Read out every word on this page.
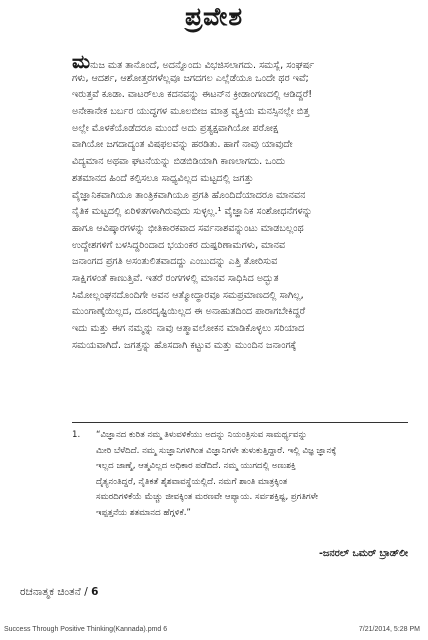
ಪ್ರವೇಶ
ಮನುಜ ಮತ ತಾನೊಂದೆ, ಅದನ್ನೊಂದು ವಿಭಜಿಸಲಾಗದು. ಸಮಸ್ಯೆ, ಸಂಘರ್ಷ
ಗಳು, ಆದರ್ಶ, ಆಶೋತ್ತರಗಳೆಲ್ಲವೂ ಜಗದಗಲ ಎಲ್ಲೆಡೆಯೂ ಒಂದೇ ಥರ ಇವೆ;
ಇರುತ್ತವೆ ಕೂಡಾ. ವಾಟರ್‌ಲೂ ಕದನವನ್ನು ಈಟನ್‌ನ ಕ್ರೀಡಾಂಗಣದಲ್ಲಿ ಆಡಿದ್ದರೆ!
ಅನೇಕಾನೇಕ ಬರ್ಬರ ಯುದ್ಧಗಳ ಮೂಲಬೀಜ ಮಾತ್ರ ವ್ಯಕ್ತಿಯ ಮನಸ್ಸಿನಲ್ಲೇ ಬಿತ್ತ
ಅಲ್ಲೇ ಮೊಳಕೆಯೊಡೆದರೂ ಮುಂದೆ ಅದು ಪ್ರತ್ಯಕ್ಷವಾಗಿಯೋ ಪರೋಕ್ಷ
ವಾಗಿಯೋ ಜಗದಾದ್ಯಂತ ವಿಷಫಲವನ್ನು ಹರಡಿತು. ಹಾಗೆ ನಾವು ಯಾವುದೇ
ವಿದ್ಯಮಾನ ಅಥವಾ ಘಟನೆಯನ್ನು ಬಿಡಬಿಡಿಯಾಗಿ ಕಾಣಲಾಗದು. ಒಂದು
ಶತಮಾನದ ಹಿಂದೆ ಕಲ್ಪಿಸಲೂ ಸಾಧ್ಯವಿಲ್ಲದ ಮಟ್ಟದಲ್ಲಿ ಜಗತ್ತು
ವೈಜ್ಞಾನಿಕವಾಗಿಯೂ ತಾಂತ್ರಿಕವಾಗಿಯೂ ಪ್ರಗತಿ ಹೊಂದಿದೆಯಾದರೂ ಮಾನವನ
ನೈತಿಕ ಮಟ್ಟದಲ್ಲಿ ಏರಿಳಿತಗಳಾಗಿರುವುದು ಸುಳ್ಳಲ್ಲ.¹ ವೈಜ್ಞಾನಿಕ ಸಂಶೋಧನೆಗಳನ್ನು
ಹಾಗೂ ಆವಿಷ್ಕಾರಗಳನ್ನು ಭೀತಿಕಾರಕವಾದ ಸರ್ವನಾಶವನ್ನುಂಟು ಮಾಡಬಲ್ಲಂಥ
ಉದ್ದೇಶಗಳಿಗೆ ಬಳಸಿದ್ದರಿಂದಾದ ಭಯಂಕರ ದುಷ್ಪರಿಣಾಮಗಳು, ಮಾನವ
ಜನಾಂಗದ ಪ್ರಗತಿ ಅಸಂತುಲಿತವಾದದ್ದು ಎಂಬುದನ್ನು ಎತ್ತಿ ತೋರಿಸುವ
ಸಾಕ್ಷಿಗಳಂತೆ ಕಾಣುತ್ತಿವೆ. ಇತರೆ ರಂಗಗಳಲ್ಲಿ ಮಾನವ ಸಾಧಿಸಿದ ಅದ್ಭುತ
ಸಿಮೋಲ್ಲಂಘನದೊಂದಿಗೇ ಅವನ ಆತ್ಮೋದ್ಧಾರವೂ ಸಮಪ್ರಮಾಣದಲ್ಲಿ ಸಾಗಿಲ್ಲ,
ಮುಂಗಾಣ್ಕೆಯಿಲ್ಲದ, ದೂರದೃಷ್ಟಿಯಿಲ್ಲದ ಈ ಅನಾಹುತದಿಂದ ಪಾರಾಗಬೇಕಿದ್ದರೆ
ಇದು ಮತ್ತು ಈಗ ನಮ್ಮನ್ನು ನಾವು ಆತ್ಮಾವಲೋಕನ ಮಾಡಿಕೊಳ್ಳಲು ಸರಿಯಾದ
ಸಮಯವಾಗಿದೆ. ಜಗತ್ತನ್ನು ಹೊಸದಾಗಿ ಕಟ್ಟುವ ಮತ್ತು ಮುಂದಿನ ಜನಾಂಗಕ್ಕೆ
1. “ವಿಜ್ಞಾನದ ಕುರಿತ ನಮ್ಮ ತಿಳುವಳಿಕೆಯು ಅದನ್ನು ನಿಯಂತ್ರಿಸುವ ಸಾಮರ್ಥ್ಯವನ್ನು
ಮೀರಿ ಬೆಳೆದಿದೆ. ನಮ್ಮ ಸುಜ್ಞಾನಿಗಳಿಗಿಂತ ವಿಜ್ಞಾನಿಗಳೇ ತುಳುಕುತ್ತಿದ್ದಾರೆ. ಇಲ್ಲಿ ವಿಜ್ಞ ಜ್ಞಾನಕ್ಕೆ
ಇಲ್ಲದ ಜಾಣ್ಮೆ, ಆತ್ಮವಿಲ್ಲದ ಅಧಿಕಾರ ಪಡೆದಿದೆ. ನಮ್ಮ ಯುಗದಲ್ಲಿ ಅಣುಶಕ್ತಿ
ದೈತ್ಯನಂತಿದ್ದರೆ, ನೈತಿಕತೆ ಶೈಶವಾವಸ್ಥೆಯಲ್ಲಿದೆ. ನಮಗೆ ಶಾಂತಿ ಮಾತ್ರಕ್ಕಿಂತ
ಸಮರದಿಗಳಿಕೆಯೆ ಮೆಚ್ಚು ಜೀವಕ್ಕಿಂತ ಮರಣವೇ ಆಪ್ಯಾಯ. ಸರ್ವಶಕ್ತಿಷ್ಟ, ಪ್ರಗತಿಗಳೇ
ಇಪ್ಪತ್ತನೆಯ ಶತಮಾನದ ಹೆಗ್ಗಳಿಕೆ.”
-ಜನರಲ್ ಒಮರ್ ಬ್ರಾಡ್‌ಲೀ
ರಚನಾತ್ಮಕ ಚಿಂತನೆ / 6
Success Through Positive Thinking(Kannada).pmd 6	7/21/2014, 5:28 PM
